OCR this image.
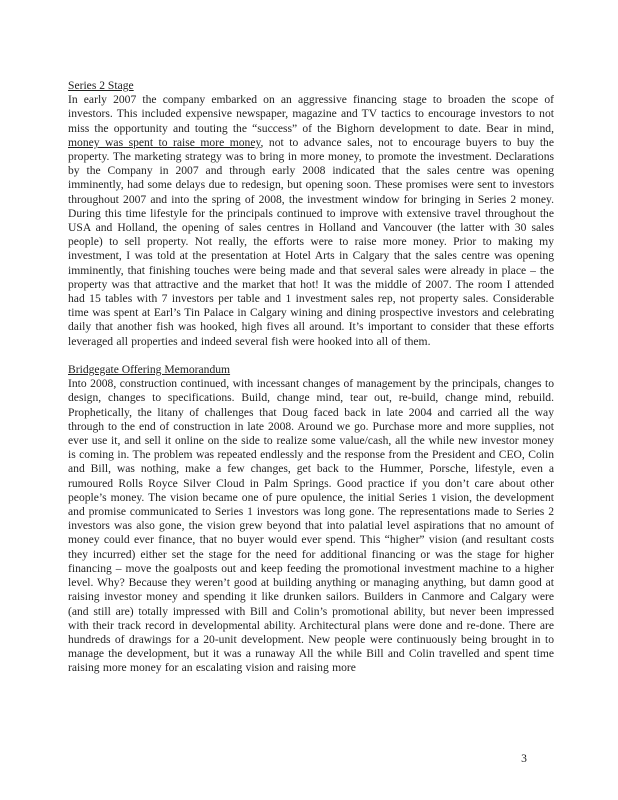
Series 2 Stage

In early 2007 the company embarked on an aggressive financing stage to broaden the scope of investors. This included expensive newspaper, magazine and TV tactics to encourage investors to not miss the opportunity and touting the “success” of the Bighorn development to date. Bear in mind, money was spent to raise more money, not to advance sales, not to encourage buyers to buy the property. The marketing strategy was to bring in more money, to promote the investment. Declarations by the Company in 2007 and through early 2008 indicated that the sales centre was opening imminently, had some delays due to redesign, but opening soon. These promises were sent to investors throughout 2007 and into the spring of 2008, the investment window for bringing in Series 2 money. During this time lifestyle for the principals continued to improve with extensive travel throughout the USA and Holland, the opening of sales centres in Holland and Vancouver (the latter with 30 sales people) to sell property. Not really, the efforts were to raise more money. Prior to making my investment, I was told at the presentation at Hotel Arts in Calgary that the sales centre was opening imminently, that finishing touches were being made and that several sales were already in place – the property was that attractive and the market that hot! It was the middle of 2007. The room I attended had 15 tables with 7 investors per table and 1 investment sales rep, not property sales. Considerable time was spent at Earl’s Tin Palace in Calgary wining and dining prospective investors and celebrating daily that another fish was hooked, high fives all around. It’s important to consider that these efforts leveraged all properties and indeed several fish were hooked into all of them.

Bridgegate Offering Memorandum

Into 2008, construction continued, with incessant changes of management by the principals, changes to design, changes to specifications. Build, change mind, tear out, re-build, change mind, rebuild. Prophetically, the litany of challenges that Doug faced back in late 2004 and carried all the way through to the end of construction in late 2008. Around we go. Purchase more and more supplies, not ever use it, and sell it online on the side to realize some value/cash, all the while new investor money is coming in. The problem was repeated endlessly and the response from the President and CEO, Colin and Bill, was nothing, make a few changes, get back to the Hummer, Porsche, lifestyle, even a rumoured Rolls Royce Silver Cloud in Palm Springs. Good practice if you don’t care about other people’s money. The vision became one of pure opulence, the initial Series 1 vision, the development and promise communicated to Series 1 investors was long gone. The representations made to Series 2 investors was also gone, the vision grew beyond that into palatial level aspirations that no amount of money could ever finance, that no buyer would ever spend. This “higher” vision (and resultant costs they incurred) either set the stage for the need for additional financing or was the stage for higher financing – move the goalposts out and keep feeding the promotional investment machine to a higher level. Why? Because they weren’t good at building anything or managing anything, but damn good at raising investor money and spending it like drunken sailors. Builders in Canmore and Calgary were (and still are) totally impressed with Bill and Colin’s promotional ability, but never been impressed with their track record in developmental ability. Architectural plans were done and re-done. There are hundreds of drawings for a 20-unit development. New people were continuously being brought in to manage the development, but it was a runaway All the while Bill and Colin travelled and spent time raising more money for an escalating vision and raising more

3
